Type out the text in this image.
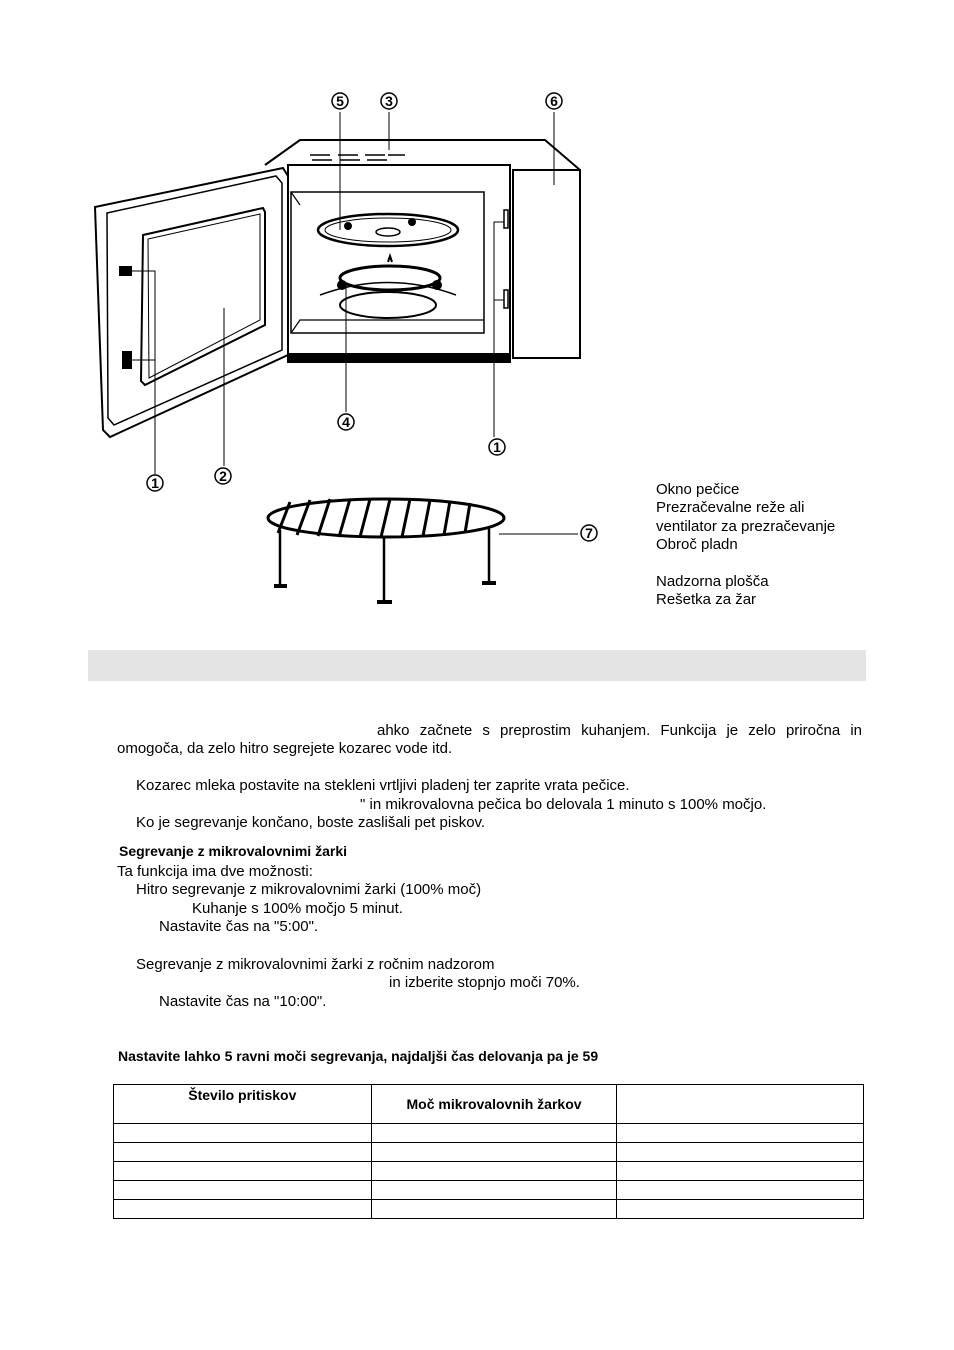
5	3	6
4
1
1	2
7
Okno pečice
Prezračevalne reže ali
ventilator za prezračevanje
Obroč pladn
Nadzorna plošča
Rešetka za žar
ahko začnete s preprostim kuhanjem. Funkcija je zelo priročna in
omogoča, da zelo hitro segrejete kozarec vode itd.
Kozarec mleka postavite na stekleni vrtljivi pladenj ter zaprite vrata pečice.
" in mikrovalovna pečica bo delovala 1 minuto s 100% močjo.
Ko je segrevanje končano, boste zaslišali pet piskov.
Segrevanje z mikrovalovnimi žarki
Ta funkcija ima dve možnosti:
Hitro segrevanje z mikrovalovnimi žarki (100% moč)
Kuhanje s 100% močjo 5 minut.
Nastavite čas na "5:00".
Segrevanje z mikrovalovnimi žarki z ročnim nadzorom
in izberite stopnjo moči 70%.
Nastavite čas na "10:00".
Nastavite lahko 5 ravni moči segrevanja, najdaljši čas delovanja pa je 59
Število pritiskov	Moč mikrovalovnih žarkov	
